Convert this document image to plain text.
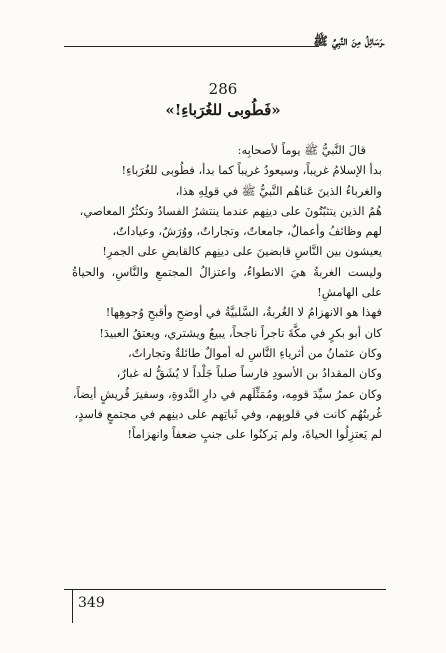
ـرَسَائِلُ مِنَ النَّبِيِّ ﷺ
286
«فَطُوبى للغُرَباءِ!»

قالَ النَّبيُّ ﷺ يوماً لأصحابِه:

بدأ الإسلامُ غريباً، وسيعودُ غريباً كما بدأ، فطُوبى للغُرَباءِ!

والغرباءُ الذينَ عَناهُم النَّبيُّ ﷺ في قولِهِ هذا،

هُمُ الذين يتثبّتُونَ على دينِهم عندما ينتشرُ الفسادُ وتكثُرُ المعاصي،

لهم وظائفُ وأعمالٌ، جامعاتٌ، وتجاراتٌ، ووُرَشٌ، وعياداتٌ،

يعيشون بين النَّاسِ قابضينَ على دينِهم كالقابضِ على الجمرِ!

وليست الغربةُ هيَ الانطواءُ، واعتزالُ المجتمعِ والنَّاسِ، والحياةُ على الهامشِ!

فهذا هو الانهزامُ لا الغُربةُ، السَّلبيَّةُ في أوضحِ وأقبحِ وُجوهِها!

كان أبو بكرٍ في مكَّةَ تاجراً ناجحاً، يبيعُ ويشتري، ويعتقُ العبيدَ!

وكان عثمانُ من أثرياءِ النَّاسِ له أموالٌ طائلةٌ وتجاراتٌ،

وكان المقدادُ بن الأسودِ فارساً صلباً جَلْداً لا يُشَقُّ له غبارٌ،

وكان عمرُ سيِّدَ قومِه، ومُمَثِّلَهم في دارِ النَّدوةِ، وسفيرَ قُريشٍ أيضاً،

غُربتُهُم كانت في قلوبِهم، وفي ثَباتِهم على دينِهم في مجتمعٍ فاسدٍ،

لم يَعتزِلُوا الحياةَ، ولم يَركنُوا على جنبٍ ضعفاً وانهزاماً!

349
